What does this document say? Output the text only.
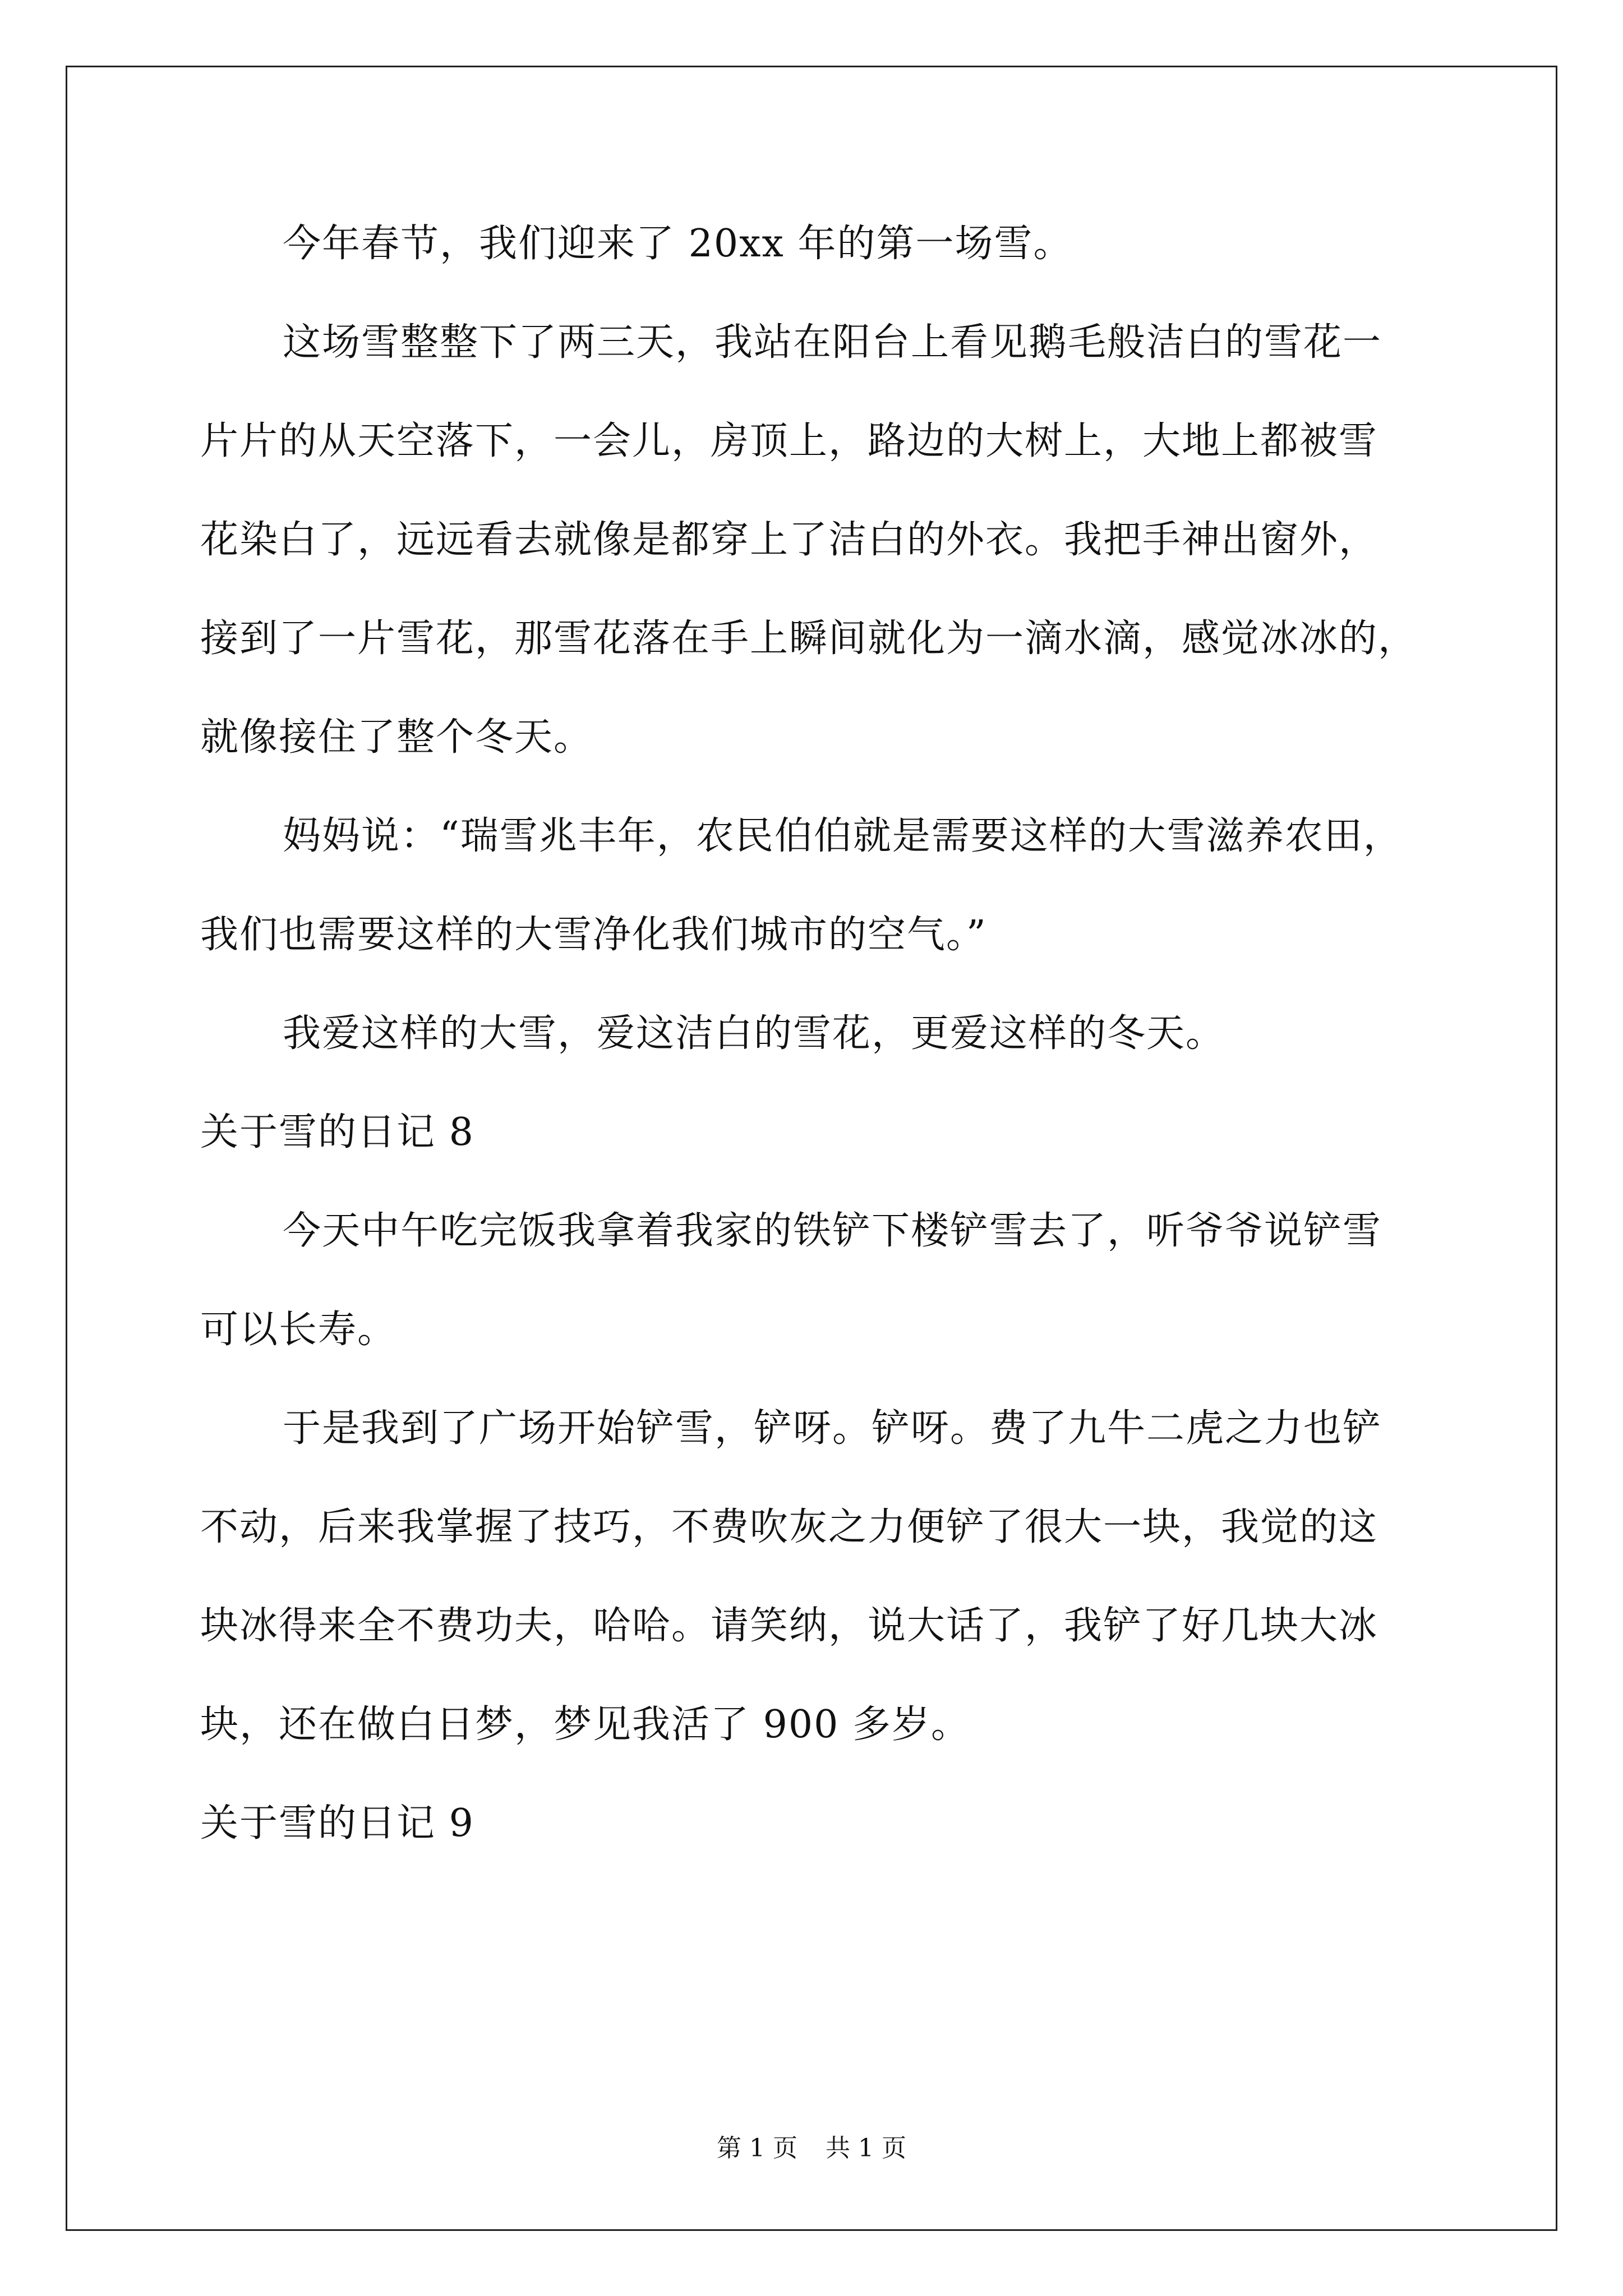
今年春节，我们迎来了 20xx 年的第一场雪。
这场雪整整下了两三天，我站在阳台上看见鹅毛般洁白的雪花一
片片的从天空落下，一会儿，房顶上，路边的大树上，大地上都被雪
花染白了，远远看去就像是都穿上了洁白的外衣。我把手神出窗外，
接到了一片雪花，那雪花落在手上瞬间就化为一滴水滴，感觉冰冰的，
就像接住了整个冬天。
妈妈说：“瑞雪兆丰年，农民伯伯就是需要这样的大雪滋养农田，
我们也需要这样的大雪净化我们城市的空气。”
我爱这样的大雪，爱这洁白的雪花，更爱这样的冬天。
关于雪的日记 8
今天中午吃完饭我拿着我家的铁铲下楼铲雪去了，听爷爷说铲雪
可以长寿。
于是我到了广场开始铲雪，铲呀。铲呀。费了九牛二虎之力也铲
不动，后来我掌握了技巧，不费吹灰之力便铲了很大一块，我觉的这
块冰得来全不费功夫，哈哈。请笑纳，说大话了，我铲了好几块大冰
块，还在做白日梦，梦见我活了 900 多岁。
关于雪的日记 9
第 1 页 共 1 页
